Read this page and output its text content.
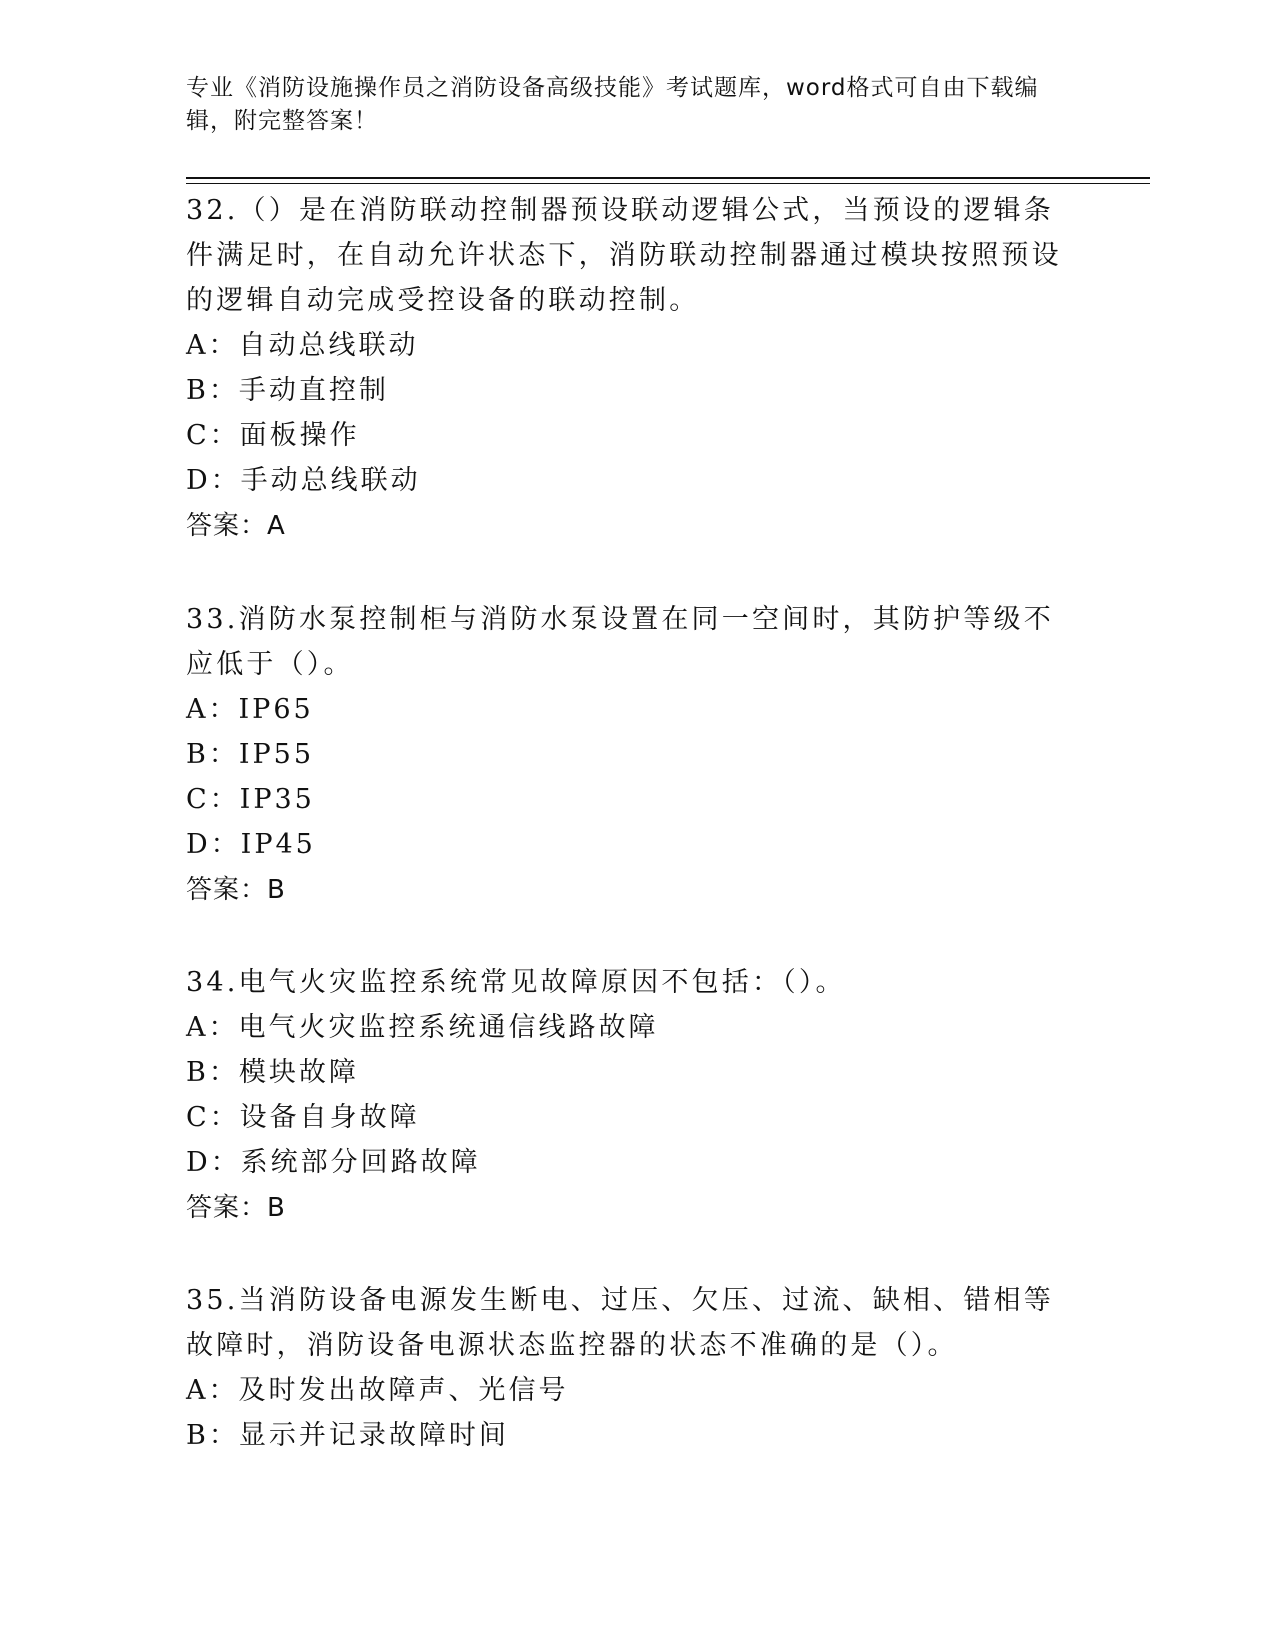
专业《消防设施操作员之消防设备高级技能》考试题库，word格式可自由下载编辑，附完整答案！

32.（）是在消防联动控制器预设联动逻辑公式，当预设的逻辑条件满足时，在自动允许状态下，消防联动控制器通过模块按照预设的逻辑自动完成受控设备的联动控制。

A：自动总线联动

B：手动直控制

C：面板操作

D：手动总线联动

答案：A

33.消防水泵控制柜与消防水泵设置在同一空间时，其防护等级不应低于（）。

A：IP65

B：IP55

C：IP35

D：IP45

答案：B

34.电气火灾监控系统常见故障原因不包括：（）。

A：电气火灾监控系统通信线路故障

B：模块故障

C：设备自身故障

D：系统部分回路故障

答案：B

35.当消防设备电源发生断电、过压、欠压、过流、缺相、错相等故障时，消防设备电源状态监控器的状态不准确的是（）。

A：及时发出故障声、光信号

B：显示并记录故障时间
